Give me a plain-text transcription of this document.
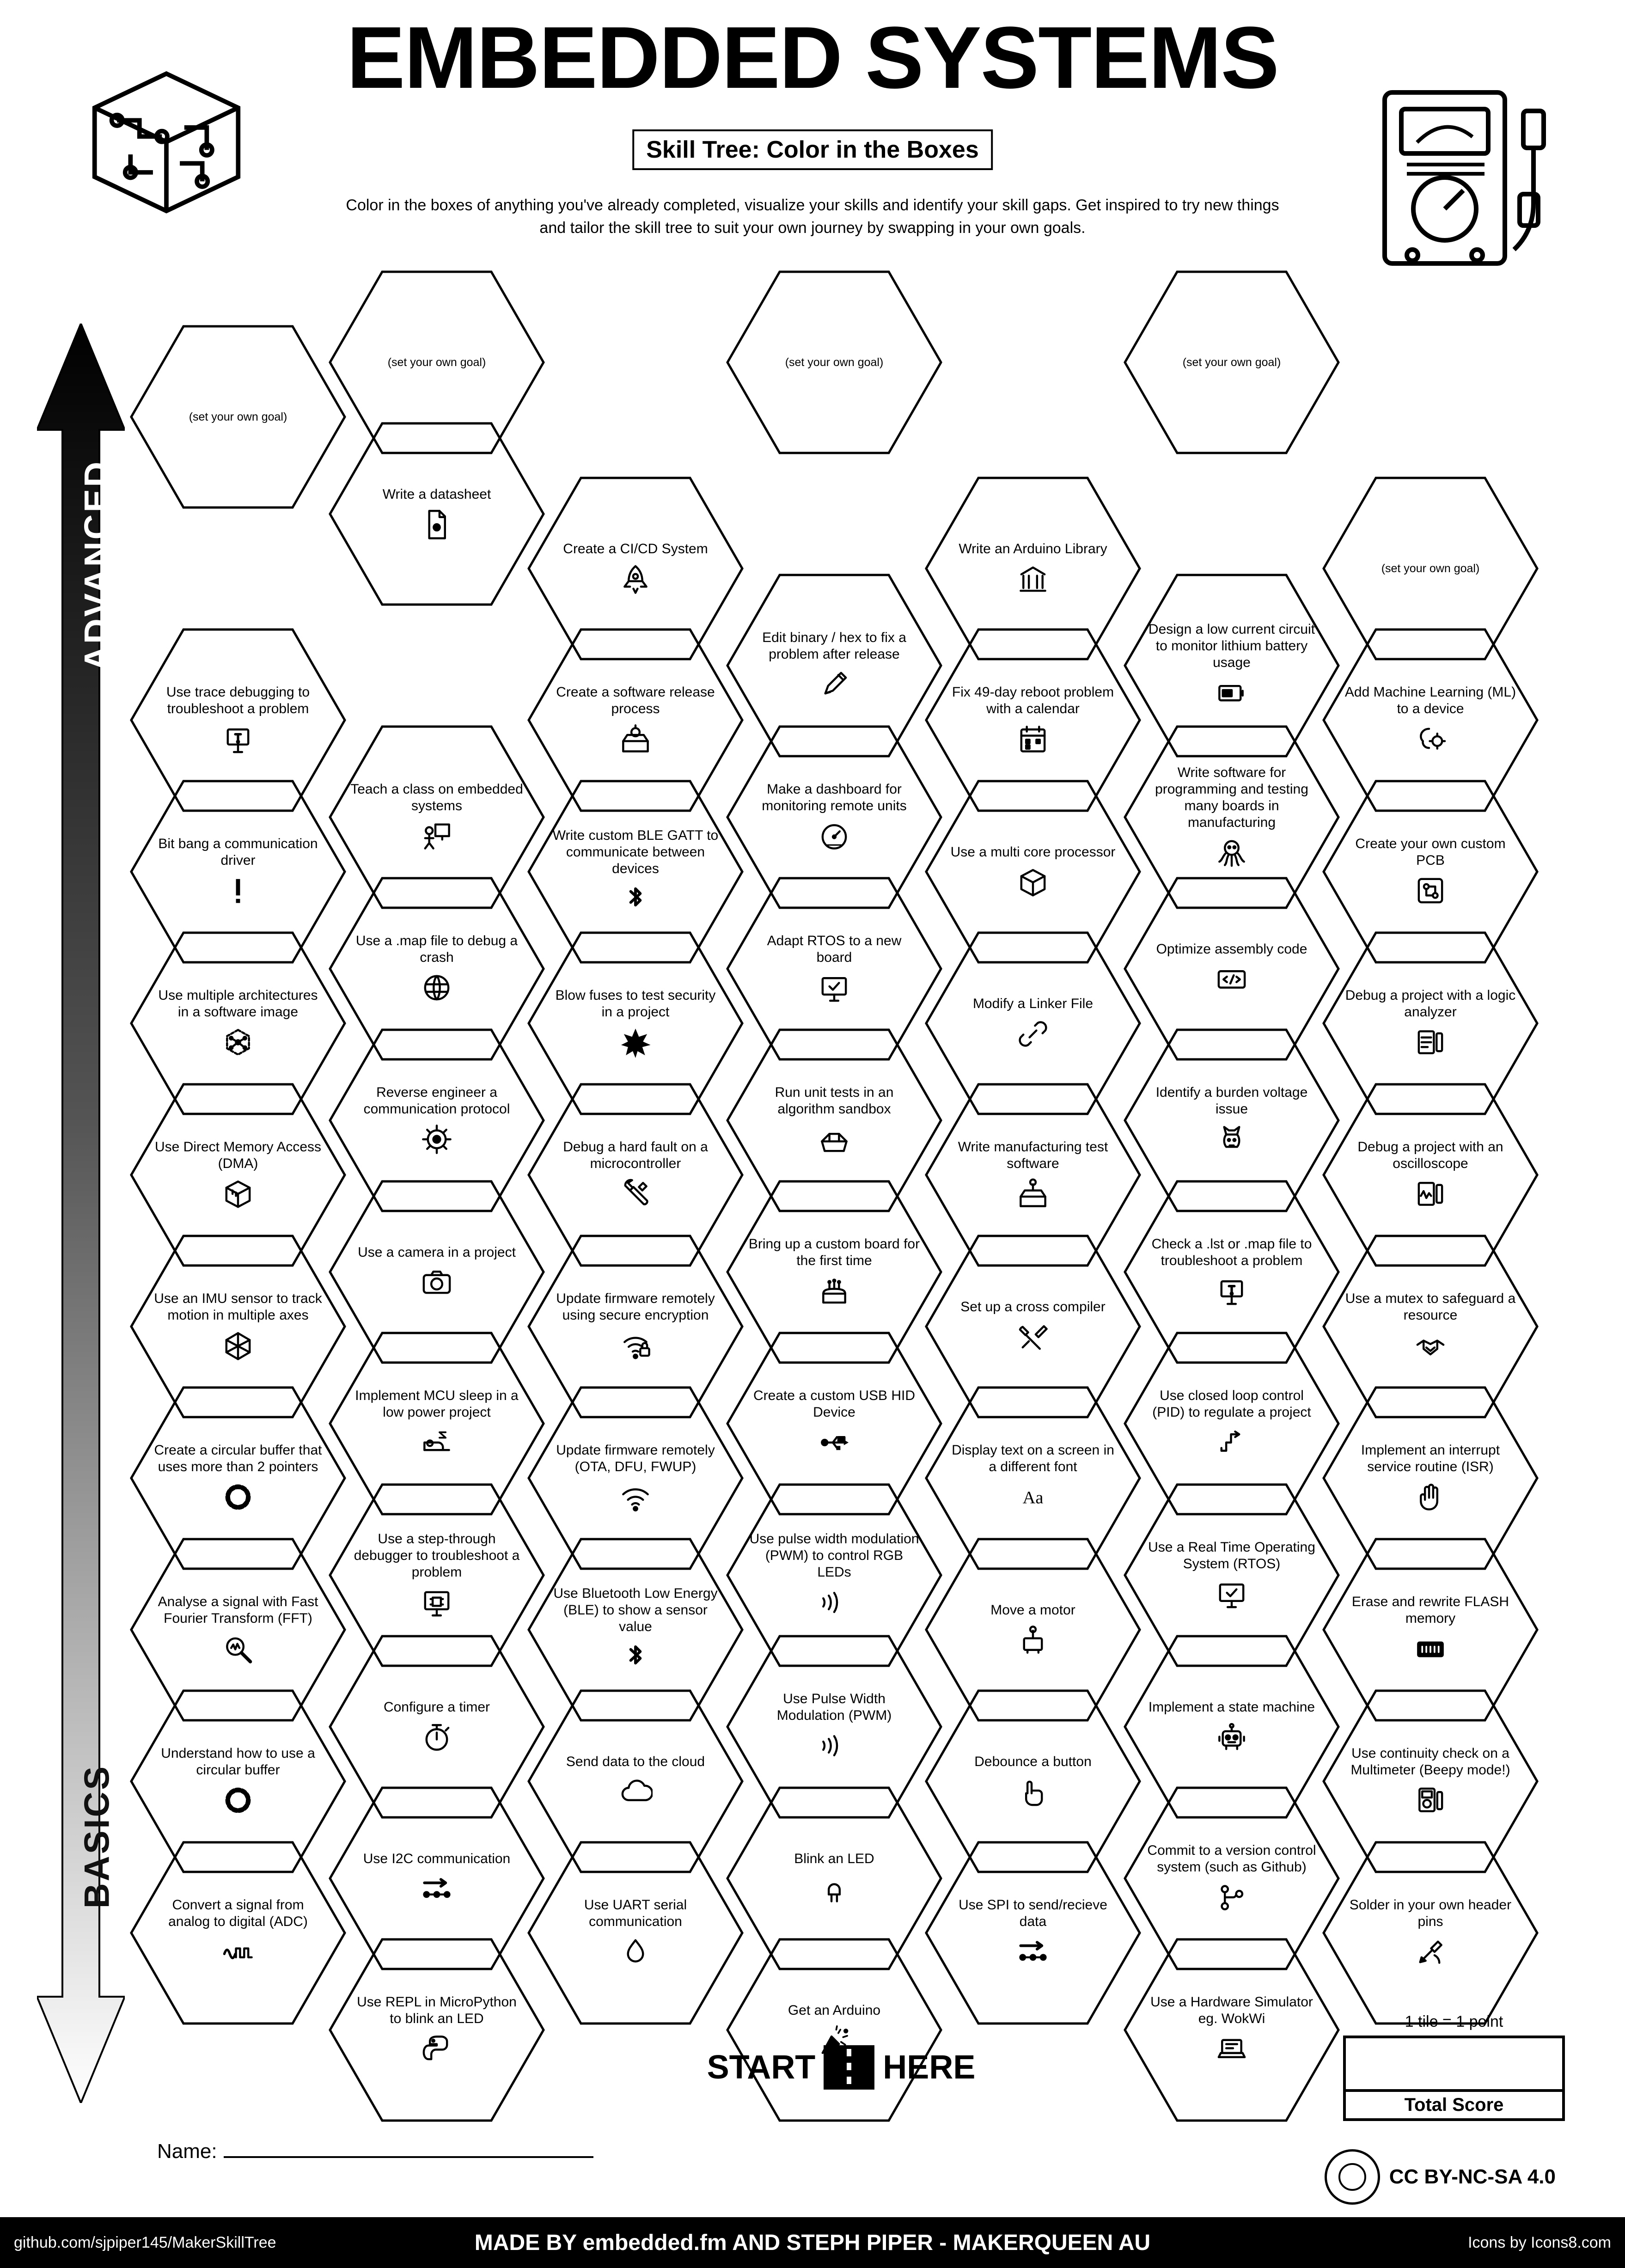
EMBEDDED SYSTEMS
Skill Tree: Color in the Boxes
Color in the boxes of anything you've already completed, visualize your skills and identify your skill gaps. Get inspired to try new things and tailor the skill tree to suit your own journey by swapping in your own goals.
ADVANCED
BASICS
(set your own goal)
Write a datasheet
(set your own goal)
Create a CI/CD System
(set your own goal)
Write an Arduino Library
(set your own goal)
(set your own goal)
Use trace debugging to troubleshoot a problem
Create a software release process
Edit binary / hex to fix a problem after release
Fix 49-day reboot problem with a calendar
Design a low current circuit to monitor lithium battery usage
Add Machine Learning (ML) to a device
Bit bang a communication driver
Teach a class on embedded systems
Write custom BLE GATT to communicate between devices
Make a dashboard for monitoring remote units
Use a multi core processor
Write software for programming and testing many boards in manufacturing
Create your own custom PCB
Use multiple architectures in a software image
Use a .map file to debug a crash
Blow fuses to test security in a project
Adapt RTOS to a new board
Modify a Linker File
Optimize assembly code
Debug a project with a logic analyzer
Use Direct Memory Access (DMA)
Reverse engineer a communication protocol
Debug a hard fault on a microcontroller
Run unit tests in an algorithm sandbox
Write manufacturing test software
Identify a burden voltage issue
Debug a project with an oscilloscope
Use an IMU sensor to track motion in multiple axes
Use a camera in a project
Update firmware remotely using secure encryption
Bring up a custom board for the first time
Set up a cross compiler
Check a .lst or .map file to troubleshoot a problem
Use a mutex to safeguard a resource
Create a circular buffer that uses more than 2 pointers
Implement MCU sleep in a low power project
Create a custom USB HID Device
Update firmware remotely (OTA, DFU, FWUP)
Display text on a screen in a different font
Aa
Use closed loop control (PID) to regulate a project
Implement an interrupt service routine (ISR)
Analyse a signal with Fast Fourier Transform (FFT)
Use a step-through debugger to troubleshoot a problem
Use Bluetooth Low Energy (BLE) to show a sensor value
Use pulse width modulation (PWM) to control RGB LEDs
Move a motor
Use a Real Time Operating System (RTOS)
Erase and rewrite FLASH memory
Understand how to use a circular buffer
Configure a timer
Send data to the cloud
Use Pulse Width Modulation (PWM)
Debounce a button
Implement a state machine
Use continuity check on a Multimeter (Beepy mode!)
Convert a signal from analog to digital (ADC)
Use I2C communication
Use UART serial communication
Blink an LED
Use SPI to send/recieve data
Commit to a version control system (such as Github)
Solder in your own header pins
Use REPL in MicroPython to blink an LED
Get an Arduino
Use a Hardware Simulator eg. WokWi
START HERE
Name:
1 tile = 1 point
Total Score
CC BY-NC-SA 4.0
github.com/sjpiper145/MakerSkillTree	MADE BY embedded.fm AND STEPH PIPER - MAKERQUEEN AU	Icons by Icons8.com
